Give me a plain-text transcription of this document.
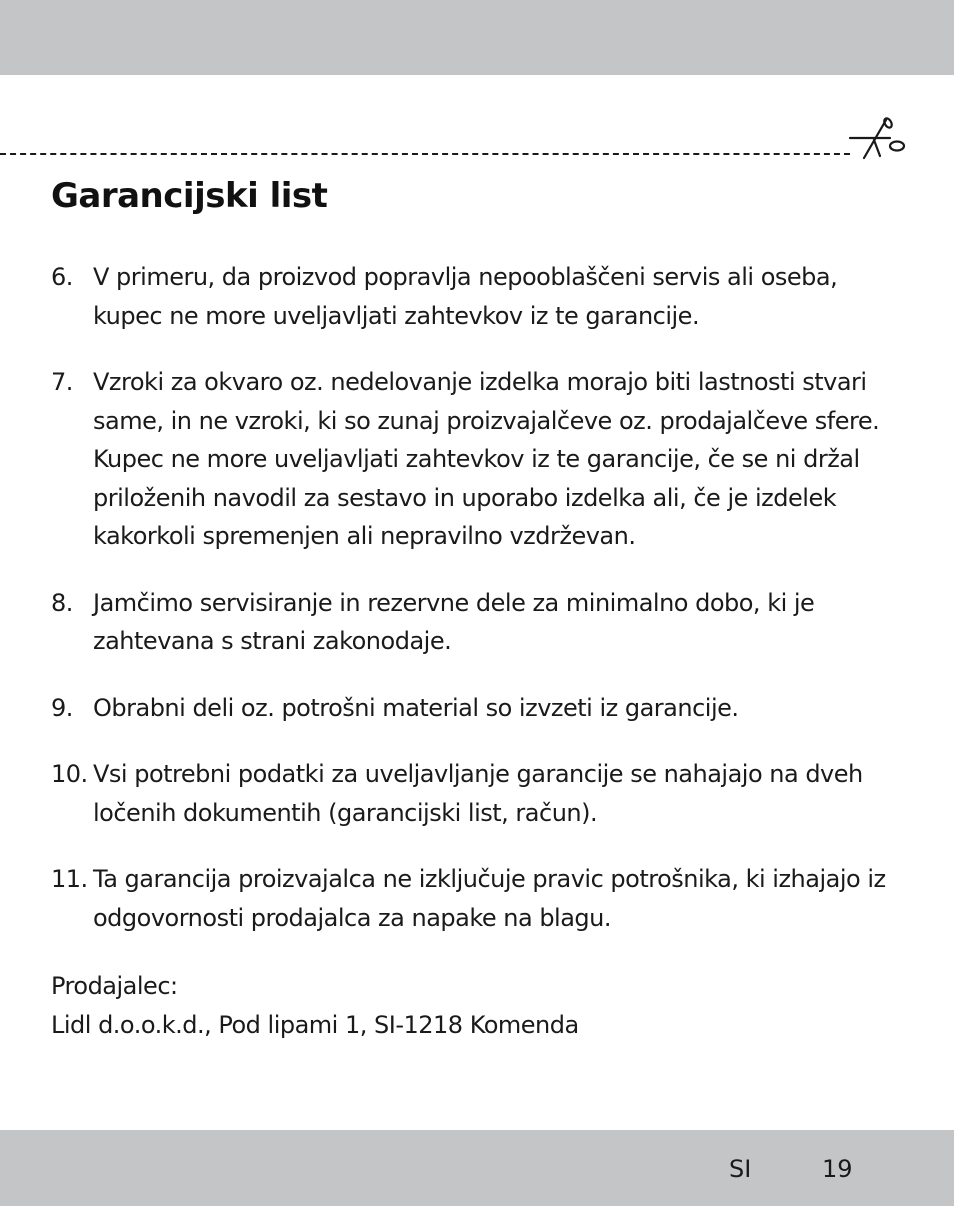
Garancijski list
6. V primeru, da proizvod popravlja nepooblaščeni servis ali oseba, kupec ne more uveljavljati zahtevkov iz te garancije.
7. Vzroki za okvaro oz. nedelovanje izdelka morajo biti lastnosti stvari same, in ne vzroki, ki so zunaj proizvajalčeve oz. prodajalčeve sfere. Kupec ne more uveljavljati zahtevkov iz te garancije, če se ni držal priloženih navodil za sestavo in uporabo izdelka ali, če je izdelek kakorkoli spremenjen ali nepravilno vzdrževan.
8. Jamčimo servisiranje in rezervne dele za minimalno dobo, ki je zahtevana s strani zakonodaje.
9. Obrabni deli oz. potrošni material so izvzeti iz garancije.
10. Vsi potrebni podatki za uveljavljanje garancije se nahajajo na dveh ločenih dokumentih (garancijski list, račun).
11. Ta garancija proizvajalca ne izključuje pravic potrošnika, ki izhajajo iz odgovornosti prodajalca za napake na blagu.
Prodajalec:
Lidl d.o.o.k.d., Pod lipami 1, SI-1218 Komenda
SI	19
